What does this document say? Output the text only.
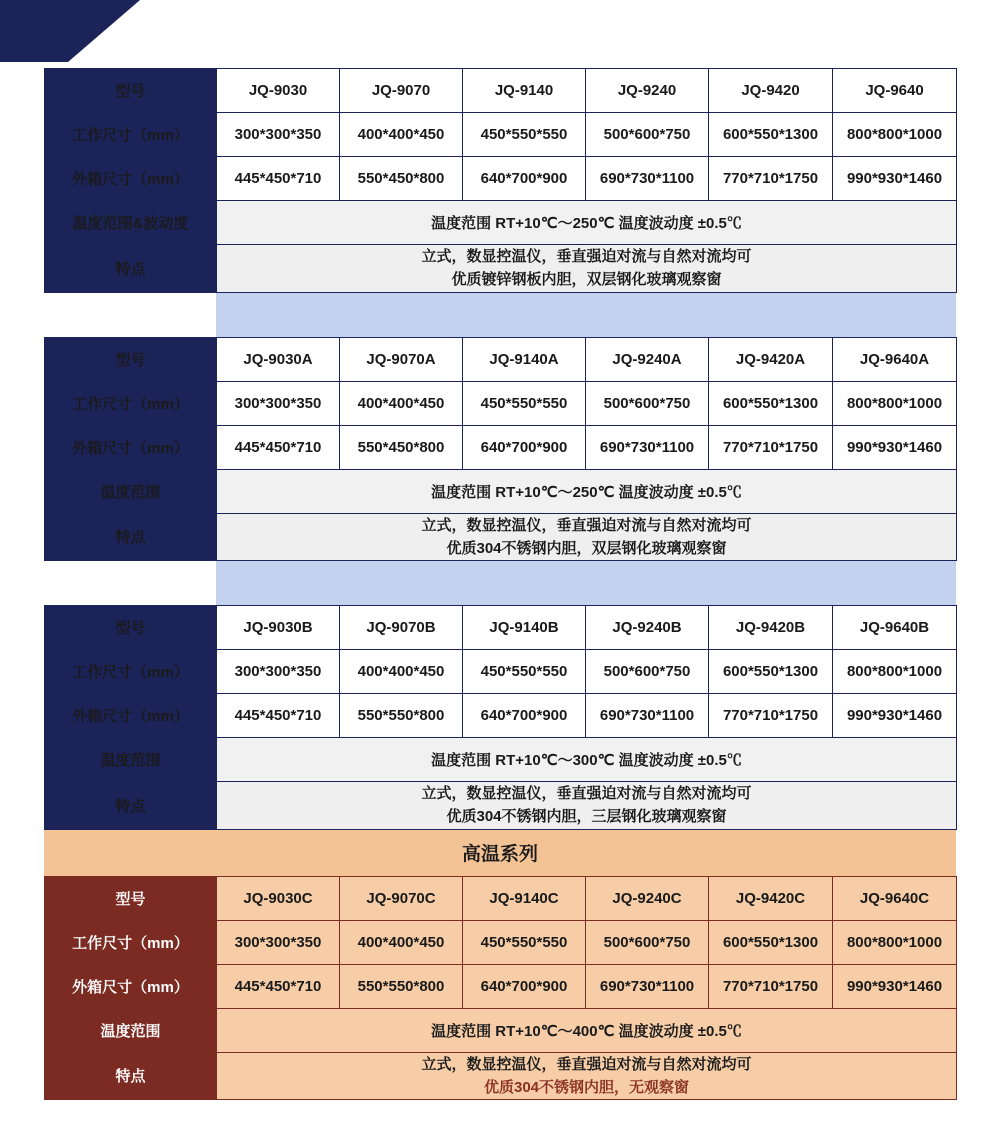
型号	JQ-9030	JQ-9070	JQ-9140	JQ-9240	JQ-9420	JQ-9640
工作尺寸（mm）	300*300*350	400*400*450	450*550*550	500*600*750	600*550*1300	800*800*1000
外箱尺寸（mm）	445*450*710	550*450*800	640*700*900	690*730*1100	770*710*1750	990*930*1460
温度范围&波动度	温度范围 RT+10℃～250℃ 温度波动度 ±0.5℃					
特点	立式，数显控温仪，垂直强迫对流与自然对流均可
优质镀锌钢板内胆，双层钢化玻璃观察窗					
型号	JQ-9030A	JQ-9070A	JQ-9140A	JQ-9240A	JQ-9420A	JQ-9640A
工作尺寸（mm）	300*300*350	400*400*450	450*550*550	500*600*750	600*550*1300	800*800*1000
外箱尺寸（mm）	445*450*710	550*450*800	640*700*900	690*730*1100	770*710*1750	990*930*1460
温度范围	温度范围 RT+10℃～250℃ 温度波动度 ±0.5℃					
特点	立式，数显控温仪，垂直强迫对流与自然对流均可
优质304不锈钢内胆，双层钢化玻璃观察窗					
型号	JQ-9030B	JQ-9070B	JQ-9140B	JQ-9240B	JQ-9420B	JQ-9640B
工作尺寸（mm）	300*300*350	400*400*450	450*550*550	500*600*750	600*550*1300	800*800*1000
外箱尺寸（mm）	445*450*710	550*550*800	640*700*900	690*730*1100	770*710*1750	990*930*1460
温度范围	温度范围 RT+10℃～300℃ 温度波动度 ±0.5℃					
特点	立式，数显控温仪，垂直强迫对流与自然对流均可
优质304不锈钢内胆，三层钢化玻璃观察窗					
高温系列
型号	JQ-9030C	JQ-9070C	JQ-9140C	JQ-9240C	JQ-9420C	JQ-9640C
工作尺寸（mm）	300*300*350	400*400*450	450*550*550	500*600*750	600*550*1300	800*800*1000
外箱尺寸（mm）	445*450*710	550*550*800	640*700*900	690*730*1100	770*710*1750	990*930*1460
温度范围	温度范围 RT+10℃～400℃ 温度波动度 ±0.5℃					
特点	立式，数显控温仪，垂直强迫对流与自然对流均可
优质304不锈钢内胆，无观察窗					
